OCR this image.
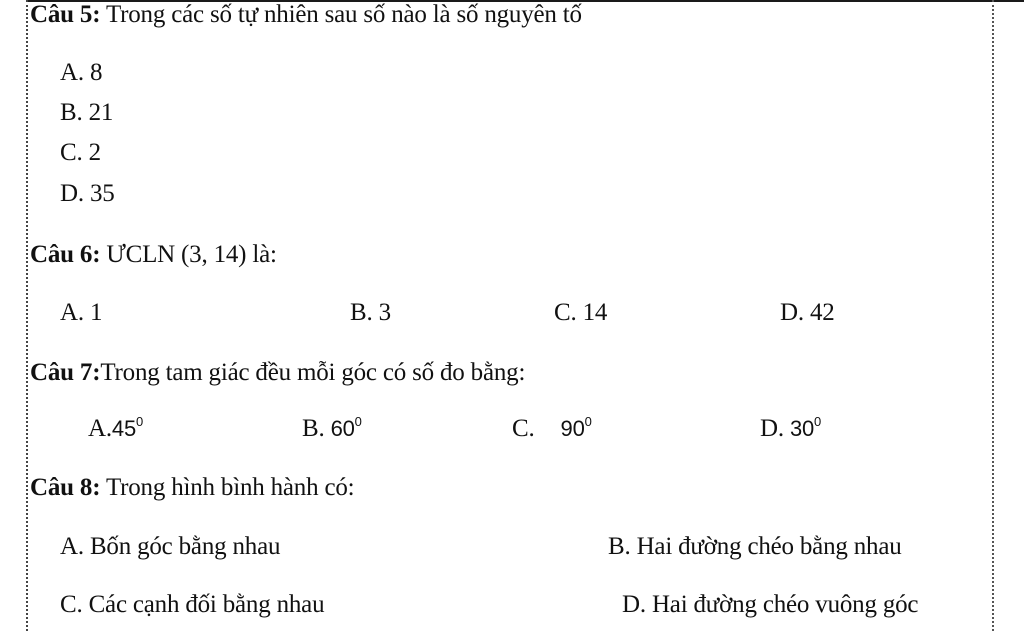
Câu 5: Trong các số tự nhiên sau số nào là số nguyên tố
A. 8
B. 21
C. 2
D. 35
Câu 6: ƯCLN (3, 14) là:
A. 1	B. 3	C. 14	D. 42
Câu 7:Trong tam giác đều mỗi góc có số đo bằng:
$A.45^0$	B. $60^0$	C. $90^0$	D. $30^0$
Câu 8: Trong hình bình hành có:
A. Bốn góc bằng nhau	B. Hai đường chéo bằng nhau
C. Các cạnh đối bằng nhau	D. Hai đường chéo vuông góc
